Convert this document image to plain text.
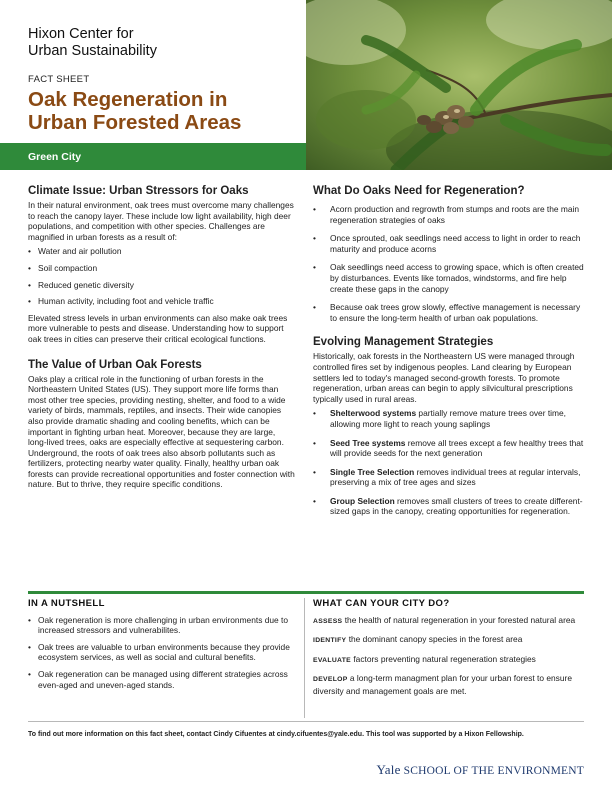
Hixon Center for
Urban Sustainability
FACT SHEET
Oak Regeneration in
Urban Forested Areas
Green City
Climate Issue: Urban Stressors for Oaks

In their natural environment, oak trees must overcome many challenges to reach the canopy layer. These include low light availability, high deer populations, and competition with other species. Challenges are magnified in urban forests as a result of:

• Water and air pollution
• Soil compaction
• Reduced genetic diversity
• Human activity, including foot and vehicle traffic

Elevated stress levels in urban environments can also make oak trees more vulnerable to pests and disease. Understanding how to support oak trees in cities can preserve their critical ecological functions.

The Value of Urban Oak Forests

Oaks play a critical role in the functioning of urban forests in the Northeastern United States (US). They support more life forms than most other tree species, providing nesting, shelter, and food to a wide variety of birds, mammals, reptiles, and insects. Their wide canopies also provide dramatic shading and cooling benefits, which can be important in fighting urban heat. Moreover, because they are large, long-lived trees, oaks are especially effective at sequestering carbon. Underground, the roots of oak trees also absorb pollutants such as fertilizers, protecting nearby water quality. Finally, healthy urban oak forests can provide recreational opportunities and foster connection with nature. But to thrive, they require specific conditions.

What Do Oaks Need for Regeneration?
• Acorn production and regrowth from stumps and roots are the main regeneration strategies of oaks
• Once sprouted, oak seedlings need access to light in order to reach maturity and produce acorns
• Oak seedlings need access to growing space, which is often created by disturbances. Events like tornados, windstorms, and fire help create these gaps in the canopy
• Because oak trees grow slowly, effective management is necessary to ensure the long-term health of urban oak populations.
Evolving Management Strategies

Historically, oak forests in the Northeastern US were managed through controlled fires set by indigenous peoples. Land clearing by European settlers led to today's managed second-growth forests. To promote regeneration, urban areas can begin to apply silvicultural prescriptions typically used in rural areas.

• Shelterwood systems partially remove mature trees over time, allowing more light to reach young saplings
• Seed Tree systems remove all trees except a few healthy trees that will provide seeds for the next generation
• Single Tree Selection removes individual trees at regular intervals, preserving a mix of tree ages and sizes
• Group Selection removes small clusters of trees to create different-sized gaps in the canopy, creating opportunities for regeneration.
IN A NUTSHELL
• Oak regeneration is more challenging in urban environments due to increased stressors and vulnerabilites.
• Oak trees are valuable to urban environments because they provide ecosystem services, as well as social and cultural benefits.
• Oak regeneration can be managed using different strategies across even-aged and uneven-aged stands.
WHAT CAN YOUR CITY DO?
ASSESS the health of natural regeneration in your forested natural area
IDENTIFY the dominant canopy species in the forest area
EVALUATE factors preventing natural regeneration strategies
DEVELOP a long-term managment plan for your urban forest to ensure diversity and management goals are met.
To find out more information on this fact sheet, contact Cindy Cifuentes at cindy.cifuentes@yale.edu. This tool was supported by a Hixon Fellowship.
Yale SCHOOL OF THE ENVIRONMENT
